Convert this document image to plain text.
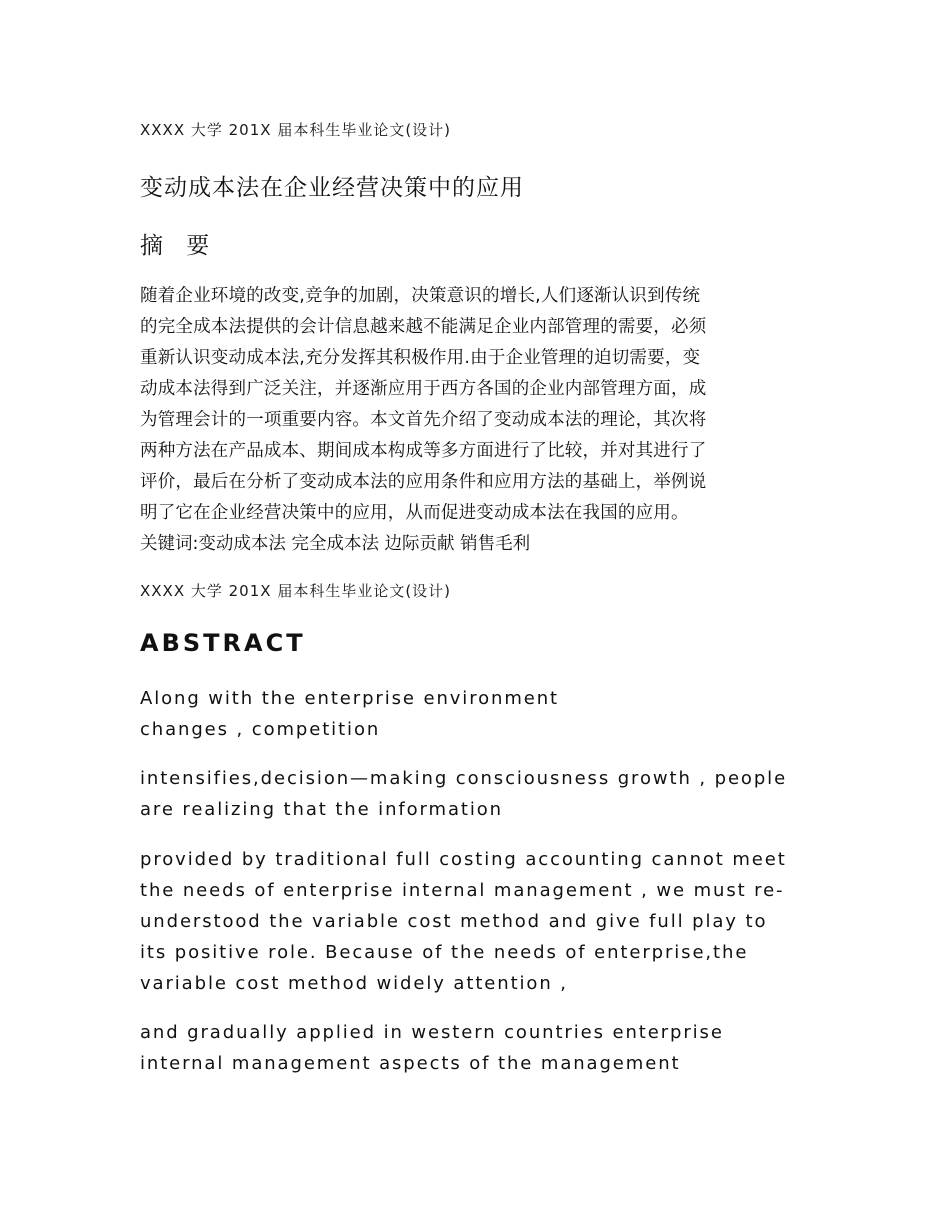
XXXX 大学 201X 届本科生毕业论文(设计)
变动成本法在企业经营决策中的应用
摘 要
随着企业环境的改变,竞争的加剧，决策意识的增长,人们逐渐认识到传统
的完全成本法提供的会计信息越来越不能满足企业内部管理的需要，必须
重新认识变动成本法,充分发挥其积极作用.由于企业管理的迫切需要，变
动成本法得到广泛关注，并逐渐应用于西方各国的企业内部管理方面，成
为管理会计的一项重要内容。本文首先介绍了变动成本法的理论，其次将
两种方法在产品成本、期间成本构成等多方面进行了比较，并对其进行了
评价，最后在分析了变动成本法的应用条件和应用方法的基础上，举例说
明了它在企业经营决策中的应用，从而促进变动成本法在我国的应用。
关键词:变动成本法 完全成本法 边际贡献 销售毛利
XXXX 大学 201X 届本科生毕业论文(设计)
ABSTRACT
Along with the enterprise environment
changes , competition
intensifies,decision—making consciousness growth , people
are realizing that the information
provided by traditional full costing accounting cannot meet
the needs of enterprise internal management , we must re-
understood the variable cost method and give full play to
its positive role. Because of the needs of enterprise,the
variable cost method widely attention ,
and gradually applied in western countries enterprise
internal management aspects of the management
